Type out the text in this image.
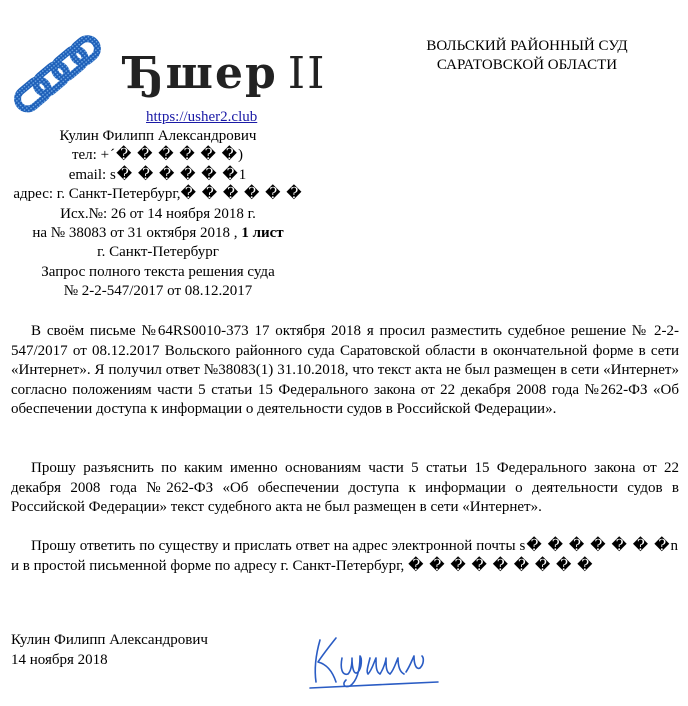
Ђшер II
https://usher2.club
ВОЛЬСКИЙ РАЙОННЫЙ СУД
САРАТОВСКОЙ ОБЛАСТИ
Кулин Филипп Александрович
тел: +´� � � � � �)
email: s� � � � � �1
адрес: г. Санкт-Петербург,� � � � � �
Исх.№: 26 от 14 ноября 2018 г.
на № 38083 от 31 октября 2018 , 1 лист
г. Санкт-Петербург
Запрос полного текста решения суда
№ 2-2-547/2017 от 08.12.2017

В своём письме №64RS0010-373 17 октября 2018 я просил разместить судебное решение № 2-2-547/2017 от 08.12.2017 Вольского районного суда Саратовской области в окончательной форме в сети «Интернет». Я получил ответ №38083(1) 31.10.2018, что текст акта не был размещен в сети «Интернет» согласно положениям части 5 статьи 15 Федерального закона от 22 декабря 2008 года №262-ФЗ «Об обеспечении доступа к информации о деятельности судов в Российской Федерации».

Прошу разъяснить по каким именно основаниям части 5 статьи 15 Федерального закона от 22 декабря 2008 года №262-ФЗ «Об обеспечении доступа к информации о деятельности судов в Российской Федерации» текст судебного акта не был размещен в сети «Интернет».

Прошу ответить по существу и прислать ответ на адрес электронной почты s� � � � � � �n и в простой письменной форме по адресу г. Санкт-Петербург, � � � � � � � � �

Кулин Филипп Александрович
14 ноября 2018
